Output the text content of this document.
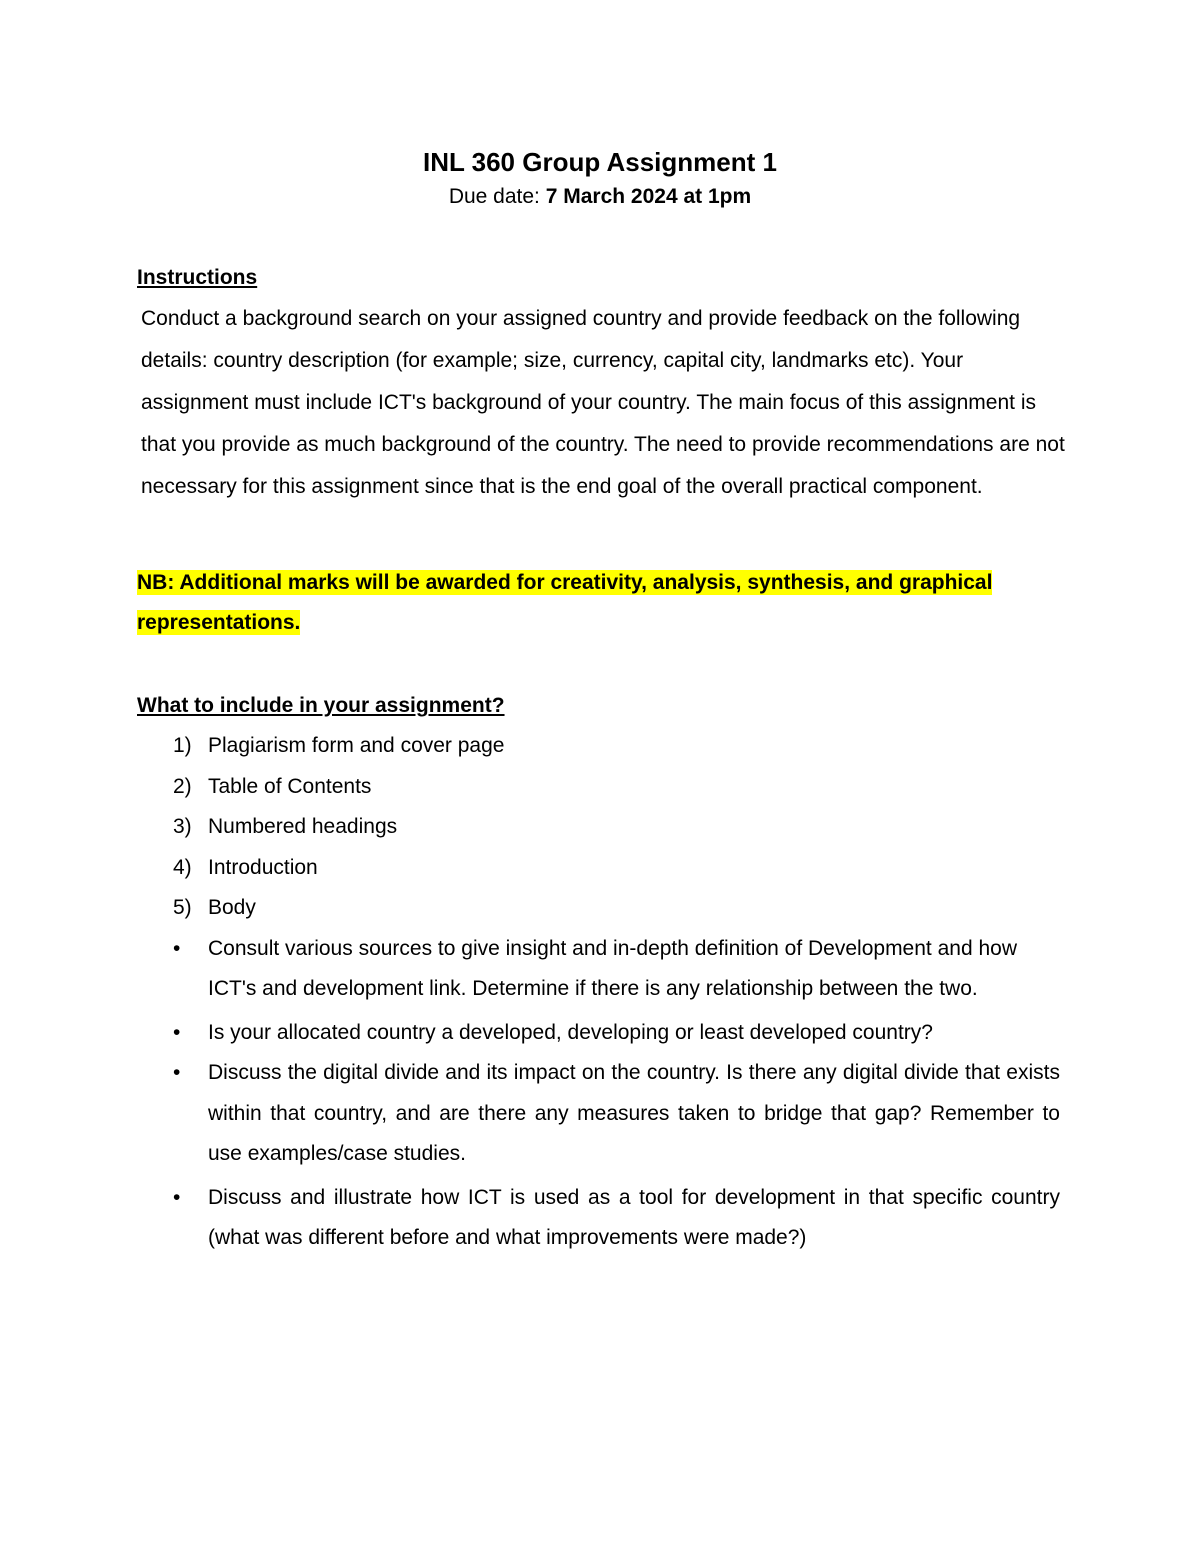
INL 360 Group Assignment 1
Due date: 7 March 2024 at 1pm
Instructions

Conduct a background search on your assigned country and provide feedback on the following details: country description (for example; size, currency, capital city, landmarks etc). Your assignment must include ICT's background of your country. The main focus of this assignment is that you provide as much background of the country. The need to provide recommendations are not necessary for this assignment since that is the end goal of the overall practical component.

NB: Additional marks will be awarded for creativity, analysis, synthesis, and graphical representations.

What to include in your assignment?
1) Plagiarism form and cover page
2) Table of Contents
3) Numbered headings
4) Introduction
5) Body
• Consult various sources to give insight and in-depth definition of Development and how ICT's and development link. Determine if there is any relationship between the two.
• Is your allocated country a developed, developing or least developed country?
• Discuss the digital divide and its impact on the country. Is there any digital divide that exists within that country, and are there any measures taken to bridge that gap? Remember to use examples/case studies.
• Discuss and illustrate how ICT is used as a tool for development in that specific country (what was different before and what improvements were made?)
